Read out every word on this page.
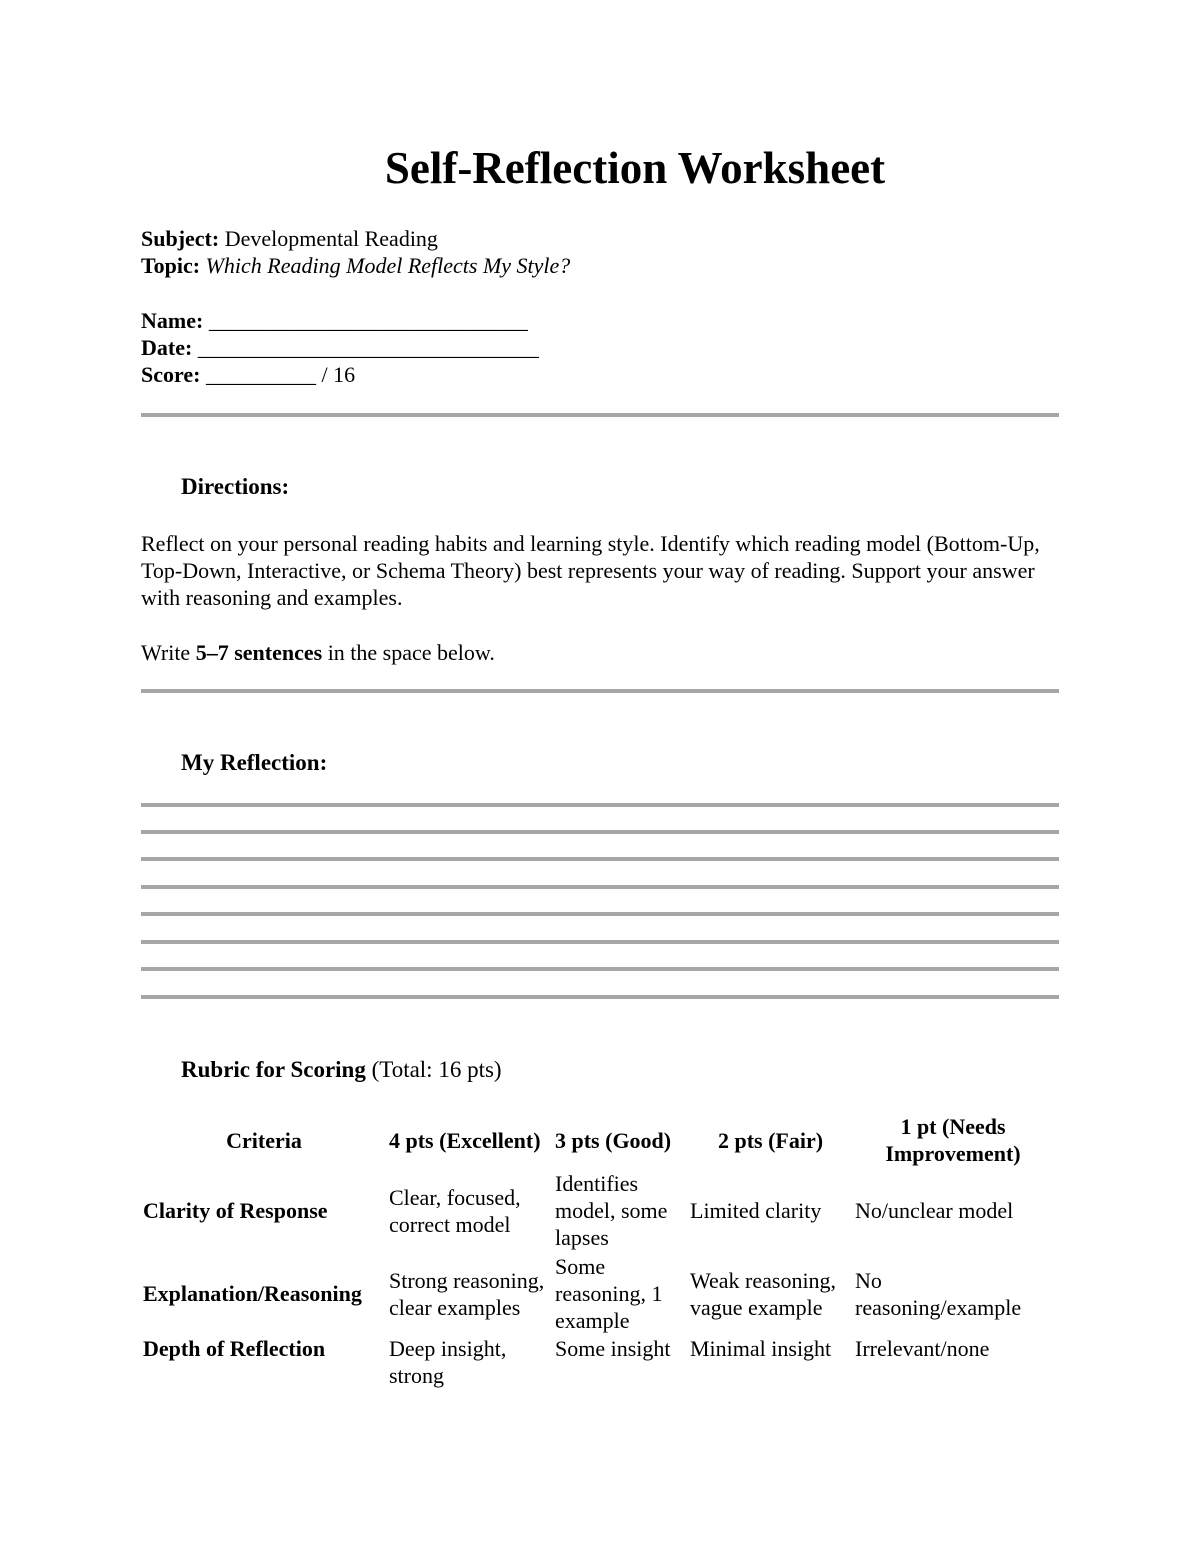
Self-Reflection Worksheet
Subject: Developmental Reading
Topic: Which Reading Model Reflects My Style?
Name: _____________________________
Date: _______________________________
Score: __________ / 16
Directions:
Reflect on your personal reading habits and learning style. Identify which reading model (Bottom-Up, Top-Down, Interactive, or Schema Theory) best represents your way of reading. Support your answer with reasoning and examples.
Write 5–7 sentences in the space below.
My Reflection:
Rubric for Scoring (Total: 16 pts)
Criteria	4 pts (Excellent)	3 pts (Good)	2 pts (Fair)	1 pt (Needs Improvement)
Clarity of Response	Clear, focused, correct model	Identifies model, some lapses	Limited clarity	No/unclear model
Explanation/Reasoning	Strong reasoning, clear examples	Some reasoning, 1 example	Weak reasoning, vague example	No reasoning/example
Depth of Reflection	Deep insight, strong	Some insight	Minimal insight	Irrelevant/none
